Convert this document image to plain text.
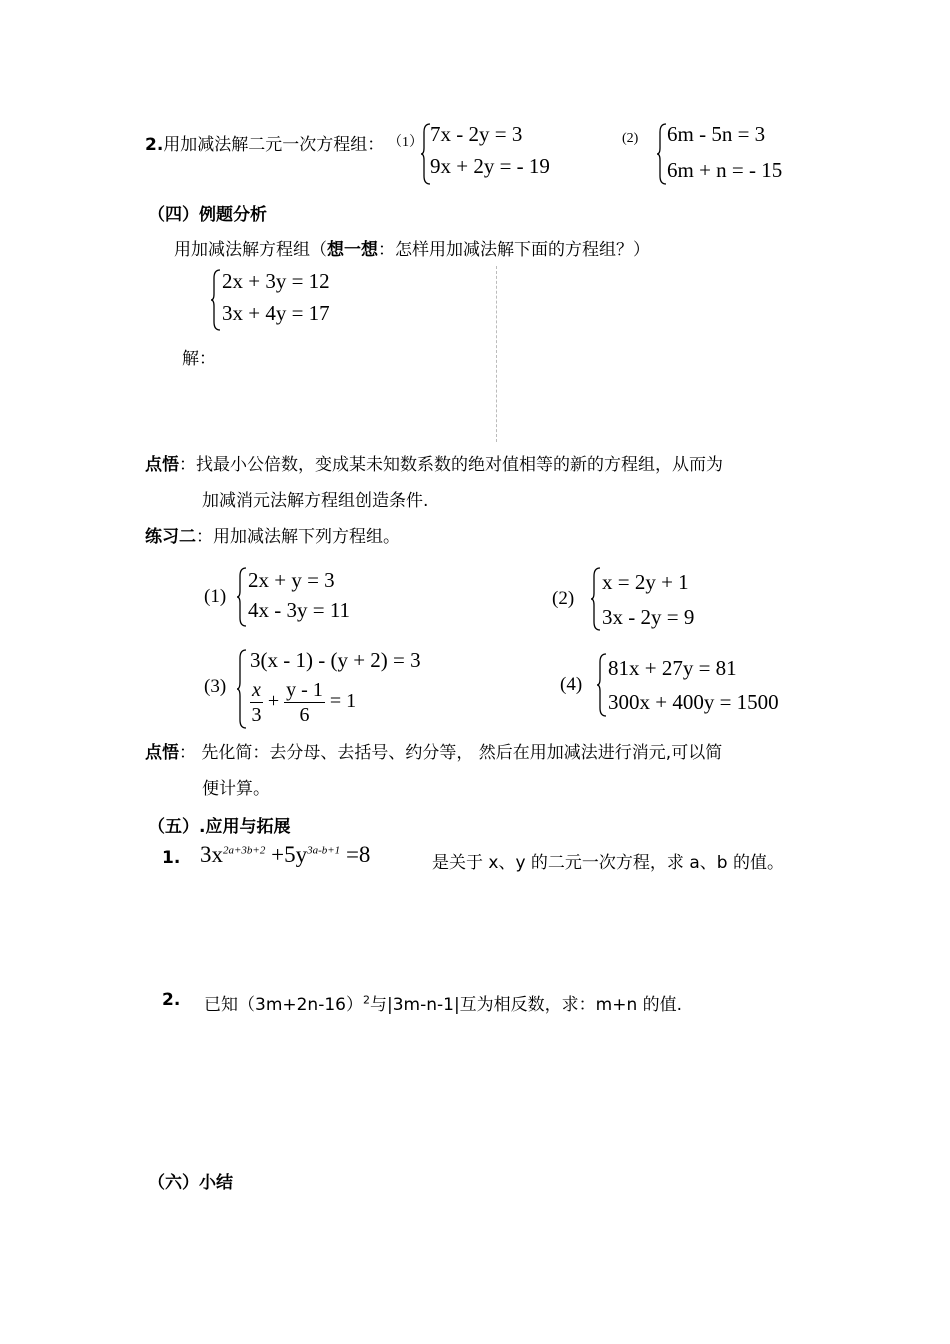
2.用加减法解二元一次方程组： （1） 7x - 2y = 3
9x + 2y = - 19
(2) 6m - 5n = 3
6m + n = - 15
（四）例题分析
用加减法解方程组（想一想：怎样用加减法解下面的方程组？）
2x + 3y = 12
3x + 4y = 17
解：
点悟：找最小公倍数，变成某未知数系数的绝对值相等的新的方程组，从而为
加减消元法解方程组创造条件.
练习二：用加减法解下列方程组。
(1)
2x + y = 3
4x - 3y = 11	(2)
x = 2y + 1
3x - 2y = 9
(3)
3(x - 1) - (y + 2) = 3
$\frac{x}{3} + \frac{y - 1}{6} = 1$
(4)
81x + 27y = 81
300x + 400y = 1500
点悟： 先化简：去分母、去括号、约分等， 然后在用加减法进行消元,可以简
便计算。
（五）.应用与拓展
1. $3x^{2a+3b+2} +5y^{3a-b+1} =8$	是关于 x、y 的二元一次方程，求 a、b 的值。
2. 已知$(3m+2n-16)^2$与|3m-n-1|互为相反数，求：m+n 的值.
（六）小结
